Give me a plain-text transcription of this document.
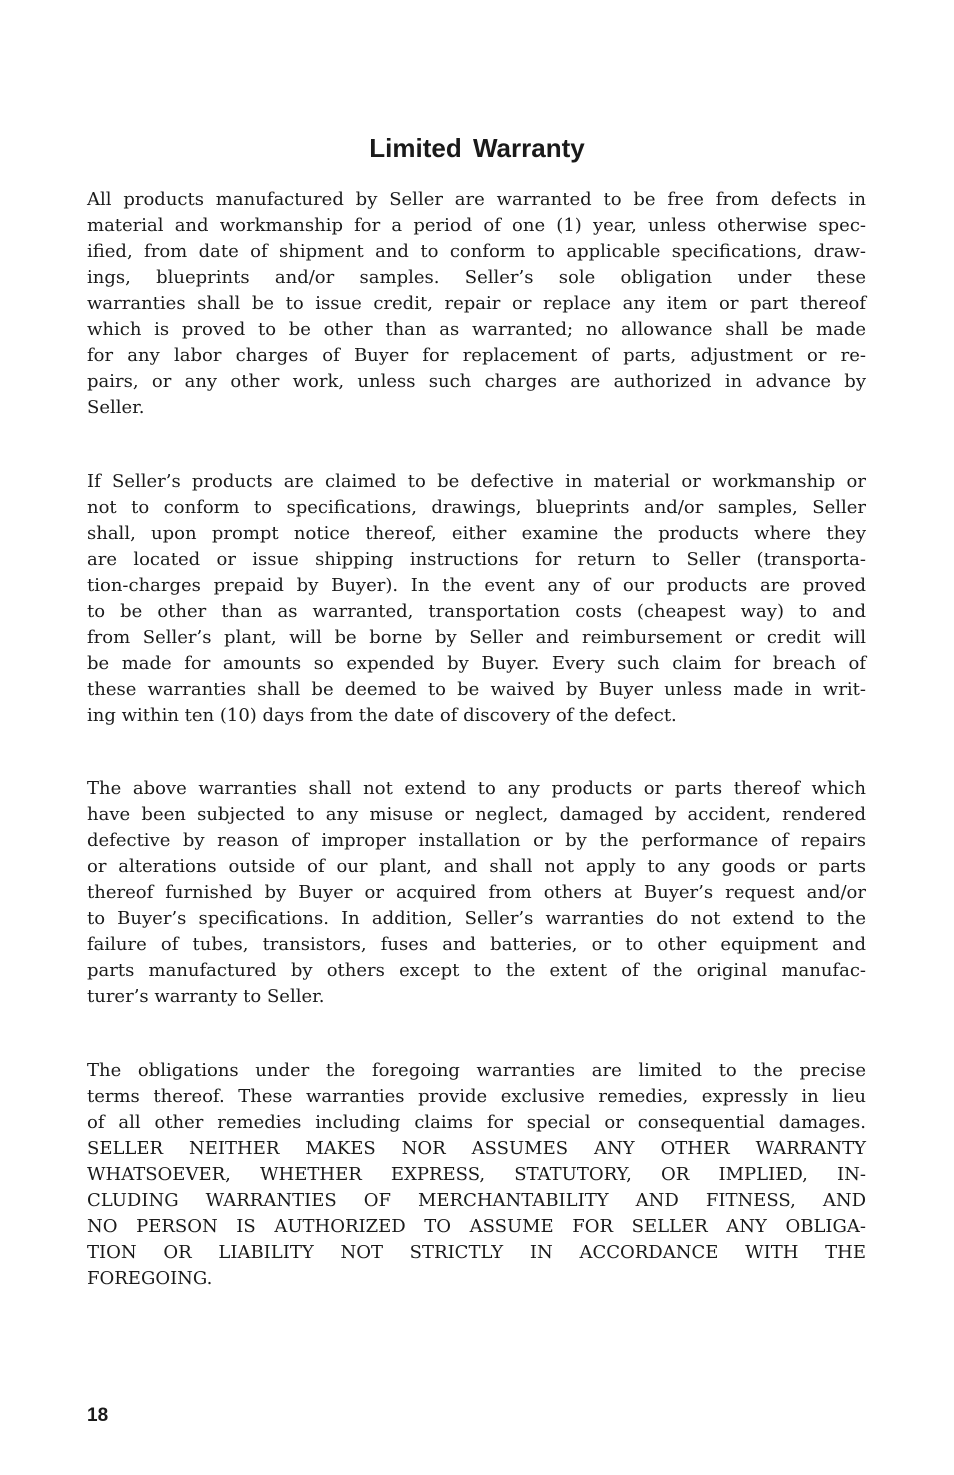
Limited Warranty

All products manufactured by Seller are warranted to be free from defects in
material and workmanship for a period of one (1) year, unless otherwise spec-
ified, from date of shipment and to conform to applicable specifications, draw-
ings, blueprints and/or samples. Seller’s sole obligation under these
warranties shall be to issue credit, repair or replace any item or part thereof
which is proved to be other than as warranted; no allowance shall be made
for any labor charges of Buyer for replacement of parts, adjustment or re-
pairs, or any other work, unless such charges are authorized in advance by
Seller.

If Seller’s products are claimed to be defective in material or workmanship or
not to conform to specifications, drawings, blueprints and/or samples, Seller
shall, upon prompt notice thereof, either examine the products where they
are located or issue shipping instructions for return to Seller (transporta-
tion-charges prepaid by Buyer). In the event any of our products are proved
to be other than as warranted, transportation costs (cheapest way) to and
from Seller’s plant, will be borne by Seller and reimbursement or credit will
be made for amounts so expended by Buyer. Every such claim for breach of
these warranties shall be deemed to be waived by Buyer unless made in writ-
ing within ten (10) days from the date of discovery of the defect.

The above warranties shall not extend to any products or parts thereof which
have been subjected to any misuse or neglect, damaged by accident, rendered
defective by reason of improper installation or by the performance of repairs
or alterations outside of our plant, and shall not apply to any goods or parts
thereof furnished by Buyer or acquired from others at Buyer’s request and/or
to Buyer’s specifications. In addition, Seller’s warranties do not extend to the
failure of tubes, transistors, fuses and batteries, or to other equipment and
parts manufactured by others except to the extent of the original manufac-
turer’s warranty to Seller.

The obligations under the foregoing warranties are limited to the precise
terms thereof. These warranties provide exclusive remedies, expressly in lieu
of all other remedies including claims for special or consequential damages.
SELLER NEITHER MAKES NOR ASSUMES ANY OTHER WARRANTY
WHATSOEVER, WHETHER EXPRESS, STATUTORY, OR IMPLIED, IN-
CLUDING WARRANTIES OF MERCHANTABILITY AND FITNESS, AND
NO PERSON IS AUTHORIZED TO ASSUME FOR SELLER ANY OBLIGA-
TION OR LIABILITY NOT STRICTLY IN ACCORDANCE WITH THE
FOREGOING.

18
